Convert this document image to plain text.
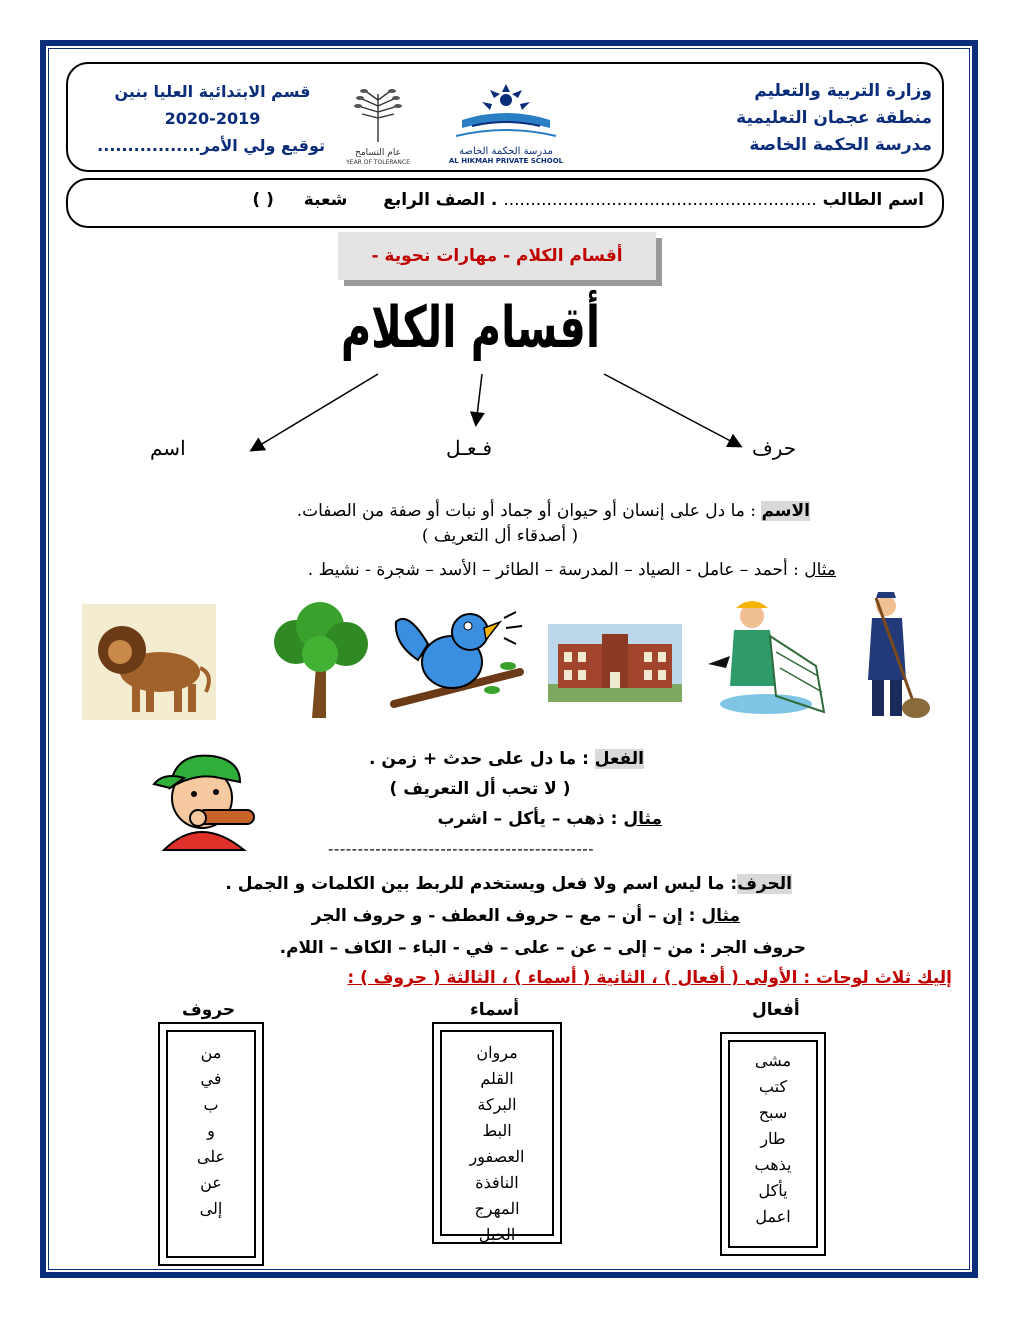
وزارة التربية والتعليم
منطقة عجمان التعليمية
مدرسة الحكمة الخاصة
قسم الابتدائية العليا بنين
2020-2019
توقيع ولي الأمر.................	مدرسة الحكمة الخاصة
AL HIKMAH PRIVATE SCHOOL
عام التسامح
YEAR OF TOLERANCE
اسم الطالب .......................................................... . الصف الرابع شعبة ( )
أقسام الكلام - مهارات نحوية -
أقسام الكلام
حرف
فـعـل
اسم
الاسم : ما دل على إنسان أو حيوان أو جماد أو نبات أو صفة من الصفات.
( أصدقاء أل التعريف )
مثال : أحمد – عامل - الصياد – المدرسة – الطائر – الأسد – شجرة - نشيط .
الفعل : ما دل على حدث + زمن .
( لا تحب أل التعريف )
مثال : ذهب – يأكل – اشرب
---------------------------------------------
الحرف: ما ليس اسم ولا فعل ويستخدم للربط بين الكلمات و الجمل .
مثال : إن – أن – مع – حروف العطف - و حروف الجر
حروف الجر : من – إلى – عن – على – في - الباء – الكاف – اللام.
إليك ثلاث لوحات : الأولى ( أفعال ) ، الثانية ( أسماء ) ، الثالثة ( حروف ) :
أفعال
أسماء
حروف
مشى
كتب
سبح
طار
يذهب
يأكل
اعمل
مروان
القلم
البركة
البط
العصفور
النافذة
المهرج
الحبل
من
في
ب
و
على
عن
إلى
